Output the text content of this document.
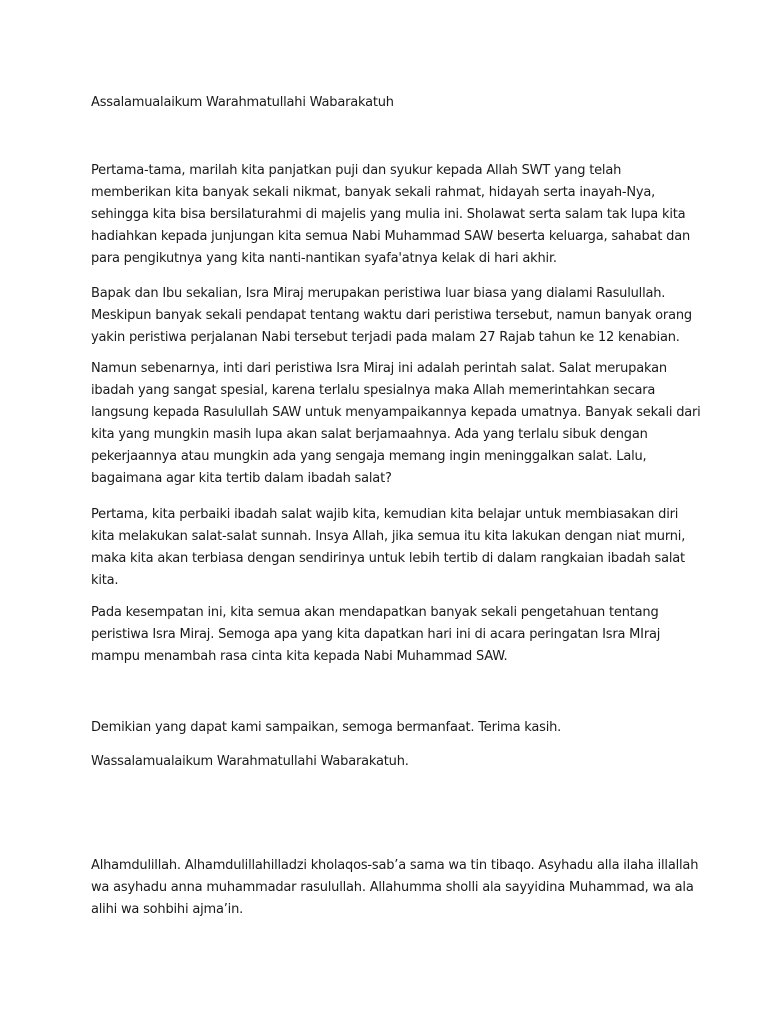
Assalamualaikum Warahmatullahi Wabarakatuh

Pertama-tama, marilah kita panjatkan puji dan syukur kepada Allah SWT yang telah
memberikan kita banyak sekali nikmat, banyak sekali rahmat, hidayah serta inayah-Nya,
sehingga kita bisa bersilaturahmi di majelis yang mulia ini. Sholawat serta salam tak lupa kita
hadiahkan kepada junjungan kita semua Nabi Muhammad SAW beserta keluarga, sahabat dan
para pengikutnya yang kita nanti-nantikan syafa'atnya kelak di hari akhir.

Bapak dan Ibu sekalian, Isra Miraj merupakan peristiwa luar biasa yang dialami Rasulullah.
Meskipun banyak sekali pendapat tentang waktu dari peristiwa tersebut, namun banyak orang
yakin peristiwa perjalanan Nabi tersebut terjadi pada malam 27 Rajab tahun ke 12 kenabian.

Namun sebenarnya, inti dari peristiwa Isra Miraj ini adalah perintah salat. Salat merupakan
ibadah yang sangat spesial, karena terlalu spesialnya maka Allah memerintahkan secara
langsung kepada Rasulullah SAW untuk menyampaikannya kepada umatnya. Banyak sekali dari
kita yang mungkin masih lupa akan salat berjamaahnya. Ada yang terlalu sibuk dengan
pekerjaannya atau mungkin ada yang sengaja memang ingin meninggalkan salat. Lalu,
bagaimana agar kita tertib dalam ibadah salat?

Pertama, kita perbaiki ibadah salat wajib kita, kemudian kita belajar untuk membiasakan diri
kita melakukan salat-salat sunnah. Insya Allah, jika semua itu kita lakukan dengan niat murni,
maka kita akan terbiasa dengan sendirinya untuk lebih tertib di dalam rangkaian ibadah salat
kita.

Pada kesempatan ini, kita semua akan mendapatkan banyak sekali pengetahuan tentang
peristiwa Isra Miraj. Semoga apa yang kita dapatkan hari ini di acara peringatan Isra MIraj
mampu menambah rasa cinta kita kepada Nabi Muhammad SAW.

Demikian yang dapat kami sampaikan, semoga bermanfaat. Terima kasih.

Wassalamualaikum Warahmatullahi Wabarakatuh.

Alhamdulillah. Alhamdulillahilladzi kholaqos-sab’a sama wa tin tibaqo. Asyhadu alla ilaha illallah
wa asyhadu anna muhammadar rasulullah. Allahumma sholli ala sayyidina Muhammad, wa ala
alihi wa sohbihi ajma’in.
